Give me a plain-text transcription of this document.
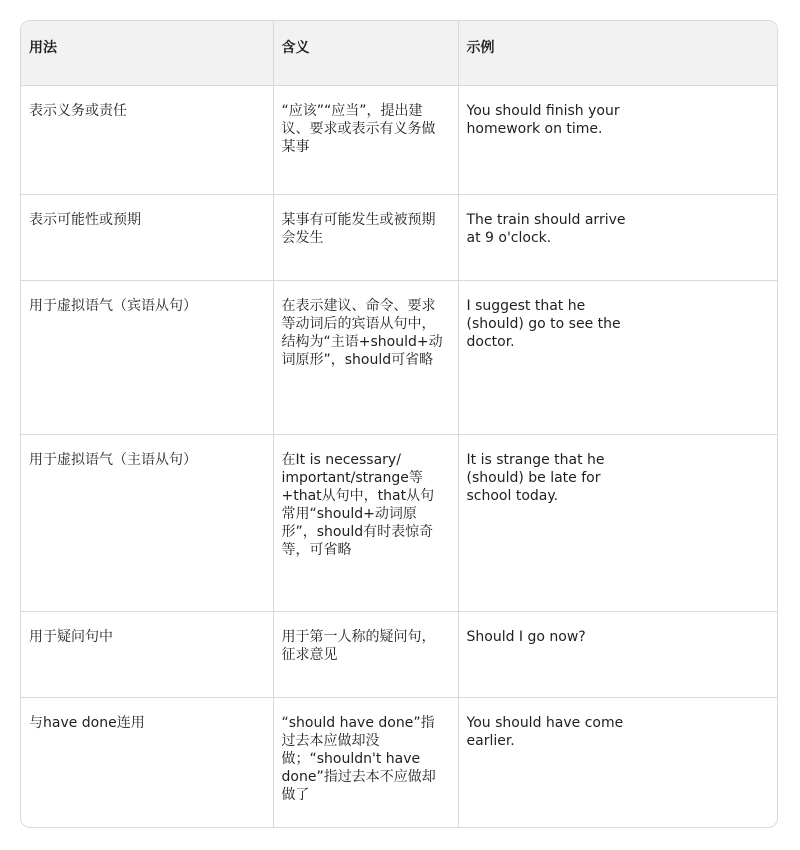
用法	含义	示例
表示义务或责任	“应该”“应当”，提出建议、要求或表示有义务做某事	You should finish your homework on time.
表示可能性或预期	某事有可能发生或被预期会发生	The train should arrive at 9 o'clock.
用于虚拟语气（宾语从句）	在表示建议、命令、要求等动词后的宾语从句中，结构为“主语+should+动词原形”，should可省略	I suggest that he (should) go to see the doctor.
用于虚拟语气（主语从句）	在It is necessary/ important/strange等+that从句中，that从句常用“should+动词原形”，should有时表惊奇等，可省略	It is strange that he (should) be late for school today.
用于疑问句中	用于第一人称的疑问句，征求意见	Should I go now?
与have done连用	“should have done”指过去本应做却没做；“shouldn't have done”指过去本不应做却做了	You should have come earlier.
